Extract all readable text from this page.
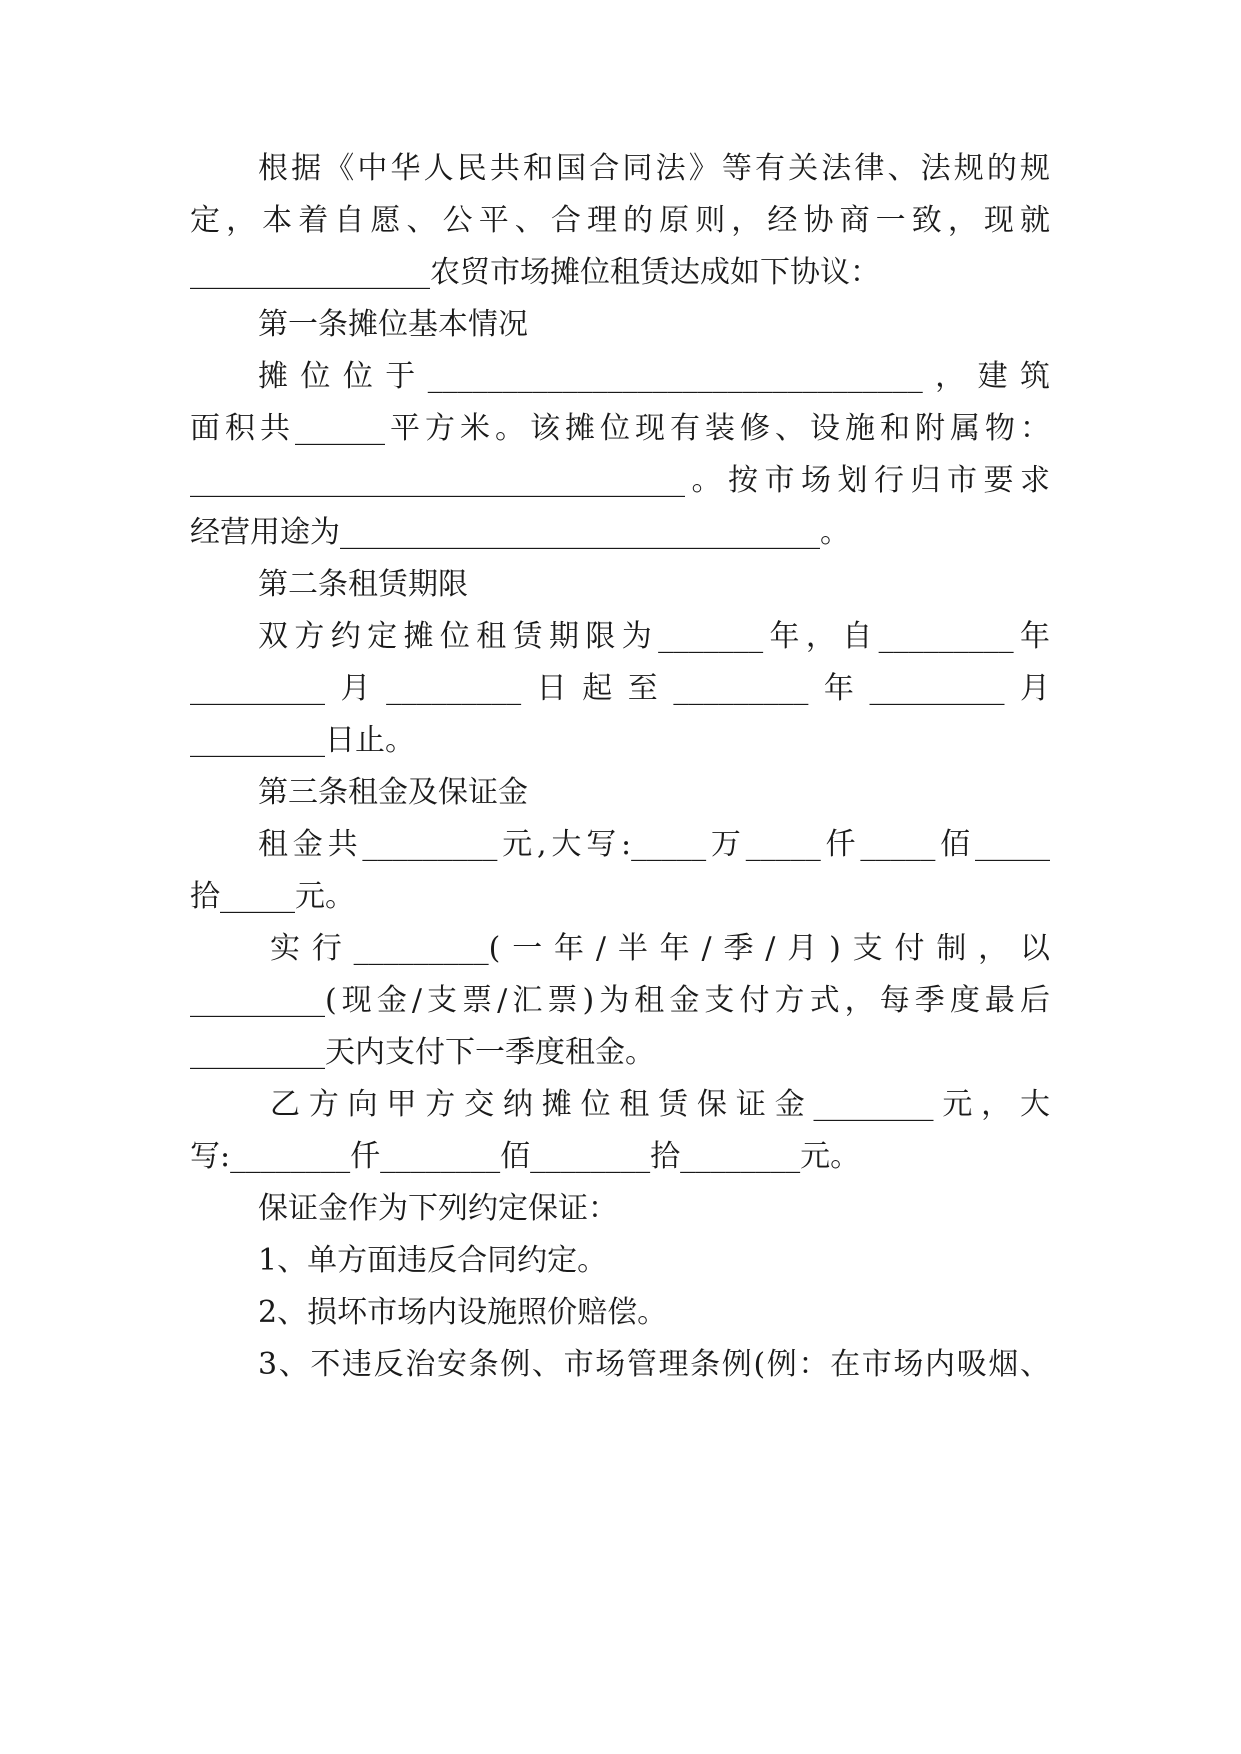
根据《中华人民共和国合同法》等有关法律、法规的规
定，本着自愿、公平、合理的原则，经协商一致，现就
________________农贸市场摊位租赁达成如下协议：
第一条摊位基本情况
摊位位于_________________________________，建筑
面积共______平方米。该摊位现有装修、设施和附属物：
_________________________________。按市场划行归市要求
经营用途为________________________________。
第二条租赁期限
双方约定摊位租赁期限为_______年，自_________年
_________月_________日起至_________年_________月
_________日止。
第三条租金及保证金
租金共_________元,大写:_____万_____仟_____佰_____
拾_____元。
实行_________(一年/半年/季/月)支付制，以
_________(现金/支票/汇票)为租金支付方式，每季度最后
_________天内支付下一季度租金。
乙方向甲方交纳摊位租赁保证金________元，大
写:________仟________佰________拾________元。
保证金作为下列约定保证：
1、单方面违反合同约定。
2、损坏市场内设施照价赔偿。
3、不违反治安条例、市场管理条例(例：在市场内吸烟、
